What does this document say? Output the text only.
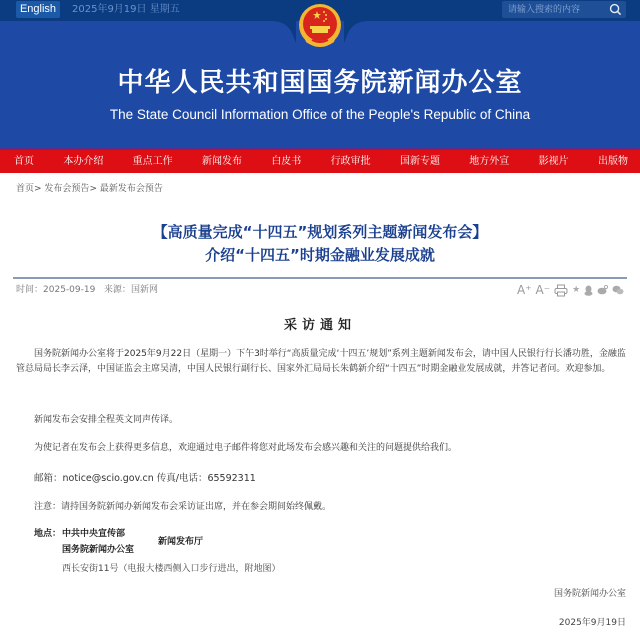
English	2025年9月19日 星期五
请输入搜索的内容
中华人民共和国国务院新闻办公室
The State Council Information Office of the People's Republic of China
首页	本办介绍	重点工作	新闻发布	白皮书	行政审批	国新专题	地方外宣	影视片	出版物
首页> 发布会预告> 最新发布会预告
【高质量完成“十四五”规划系列主题新闻发布会】
介绍“十四五”时期金融业发展成就
时间：2025-09-19 来源：国新网	A⁺ A⁻ ★
采访通知

国务院新闻办公室将于2025年9月22日（星期一）下午3时举行“高质量完成‘十四五’规划”系列主题新闻发布会，请中国人民银行行长潘功胜，金融监管总局局长李云泽，中国证监会主席吴清，中国人民银行副行长、国家外汇局局长朱鹤新介绍“十四五”时期金融业发展成就，并答记者问。欢迎参加。

新闻发布会安排全程英文同声传译。

为使记者在发布会上获得更多信息，欢迎通过电子邮件将您对此场发布会感兴趣和关注的问题提供给我们。

邮箱：notice@scio.gov.cn 传真/电话：65592311

注意：请持国务院新闻办新闻发布会采访证出席，并在参会期间始终佩戴。

地点： 中共中央宣传部
国务院新闻办公室
新闻发布厅
西长安街11号（电报大楼西侧入口步行进出，附地图）
国务院新闻办公室
2025年9月19日
